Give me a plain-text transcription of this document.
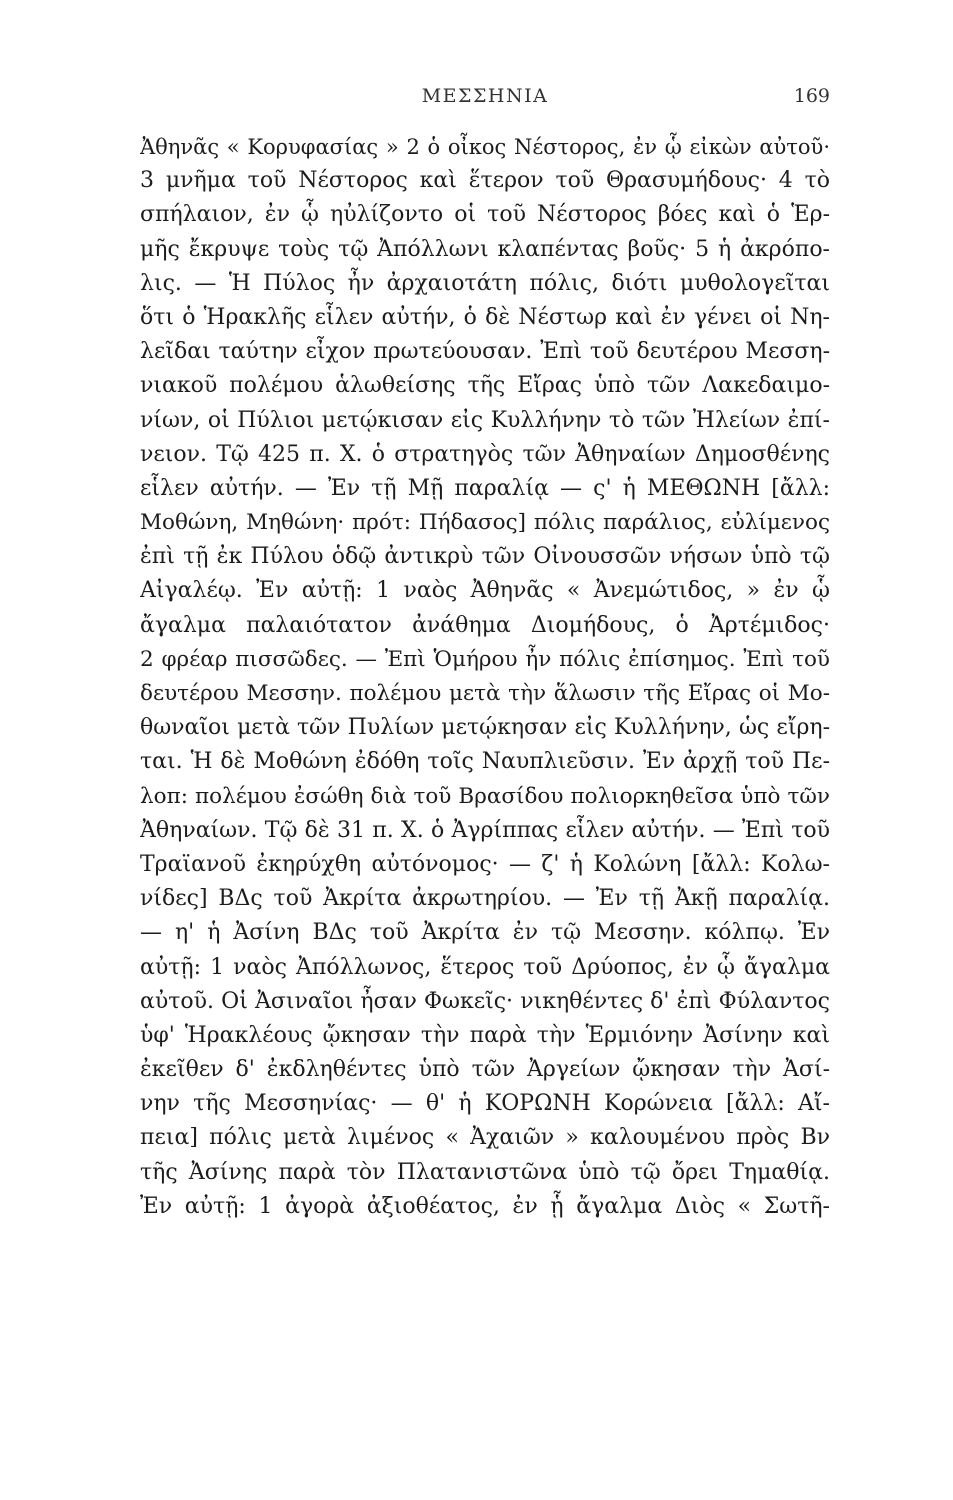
ΜΕΣΣΗΝΙΑ	169
Ἀθηνᾶς « Κορυφασίας » 2 ὁ οἶκος Νέστορος, ἐν ᾧ εἰκὼν αὐτοῦ·
3 μνῆμα τοῦ Νέστορος καὶ ἕτερον τοῦ Θρασυμήδους· 4 τὸ
σπήλαιον, ἐν ᾧ ηὐλίζοντο οἱ τοῦ Νέστορος βόες καὶ ὁ Ἑρ-
μῆς ἔκρυψε τοὺς τῷ Ἀπόλλωνι κλαπέντας βοῦς· 5 ἡ ἀκρόπο-
λις. — Ἡ Πύλος ἦν ἀρχαιοτάτη πόλις, διότι μυθολογεῖται
ὅτι ὁ Ἡρακλῆς εἷλεν αὐτήν, ὁ δὲ Νέστωρ καὶ ἐν γένει οἱ Νη-
λεῖδαι ταύτην εἶχον πρωτεύουσαν. Ἐπὶ τοῦ δευτέρου Μεσση-
νιακοῦ πολέμου ἁλωθείσης τῆς Εἴρας ὑπὸ τῶν Λακεδαιμο-
νίων, οἱ Πύλιοι μετῴκισαν εἰς Κυλλήνην τὸ τῶν Ἠλείων ἐπί-
νειον. Τῷ 425 π. Χ. ὁ στρατηγὸς τῶν Ἀθηναίων Δημοσθένης
εἷλεν αὐτήν. — Ἐν τῇ Μῇ παραλίᾳ — ς' ἡ ΜΕΘΩΝΗ [ἄλλ:
Μοθώνη, Μηθώνη· πρότ: Πήδασος] πόλις παράλιος, εὐλίμενος
ἐπὶ τῇ ἐκ Πύλου ὁδῷ ἀντικρὺ τῶν Οἰνουσσῶν νήσων ὑπὸ τῷ
Αἰγαλέῳ. Ἐν αὐτῇ: 1 ναὸς Ἀθηνᾶς « Ἀνεμώτιδος, » ἐν ᾧ
ἄγαλμα παλαιότατον ἀνάθημα Διομήδους, ὁ Ἀρτέμιδος·
2 φρέαρ πισσῶδες. — Ἐπὶ Ὁμήρου ἦν πόλις ἐπίσημος. Ἐπὶ τοῦ
δευτέρου Μεσσην. πολέμου μετὰ τὴν ἅλωσιν τῆς Εἴρας οἱ Μο-
θωναῖοι μετὰ τῶν Πυλίων μετῴκησαν εἰς Κυλλήνην, ὡς εἴρη-
ται. Ἡ δὲ Μοθώνη ἐδόθη τοῖς Ναυπλιεῦσιν. Ἐν ἀρχῇ τοῦ Πε-
λοπ: πολέμου ἐσώθη διὰ τοῦ Βρασίδου πολιορκηθεῖσα ὑπὸ τῶν
Ἀθηναίων. Τῷ δὲ 31 π. Χ. ὁ Ἀγρίππας εἷλεν αὐτήν. — Ἐπὶ τοῦ
Τραϊανοῦ ἐκηρύχθη αὐτόνομος· — ζ' ἡ Κολώνη [ἄλλ: Κολω-
νίδες] ΒΔς τοῦ Ἀκρίτα ἀκρωτηρίου. — Ἐν τῇ Ἀκῇ παραλίᾳ.
— η' ἡ Ἀσίνη ΒΔς τοῦ Ἀκρίτα ἐν τῷ Μεσσην. κόλπῳ. Ἐν
αὐτῇ: 1 ναὸς Ἀπόλλωνος, ἕτερος τοῦ Δρύοπος, ἐν ᾧ ἄγαλμα
αὐτοῦ. Οἱ Ἀσιναῖοι ἦσαν Φωκεῖς· νικηθέντες δ' ἐπὶ Φύλαντος
ὑφ' Ἡρακλέους ᾤκησαν τὴν παρὰ τὴν Ἑρμιόνην Ἀσίνην καὶ
ἐκεῖθεν δ' ἐκδληθέντες ὑπὸ τῶν Ἀργείων ᾤκησαν τὴν Ἀσί-
νην τῆς Μεσσηνίας· — θ' ἡ ΚΟΡΩΝΗ Κορώνεια [ἄλλ: Αἴ-
πεια] πόλις μετὰ λιμένος « Ἀχαιῶν » καλουμένου πρὸς Βν
τῆς Ἀσίνης παρὰ τὸν Πλατανιστῶνα ὑπὸ τῷ ὄρει Τημαθίᾳ.
Ἐν αὐτῇ: 1 ἀγορὰ ἀξιοθέατος, ἐν ᾗ ἄγαλμα Διὸς « Σωτῆ-
